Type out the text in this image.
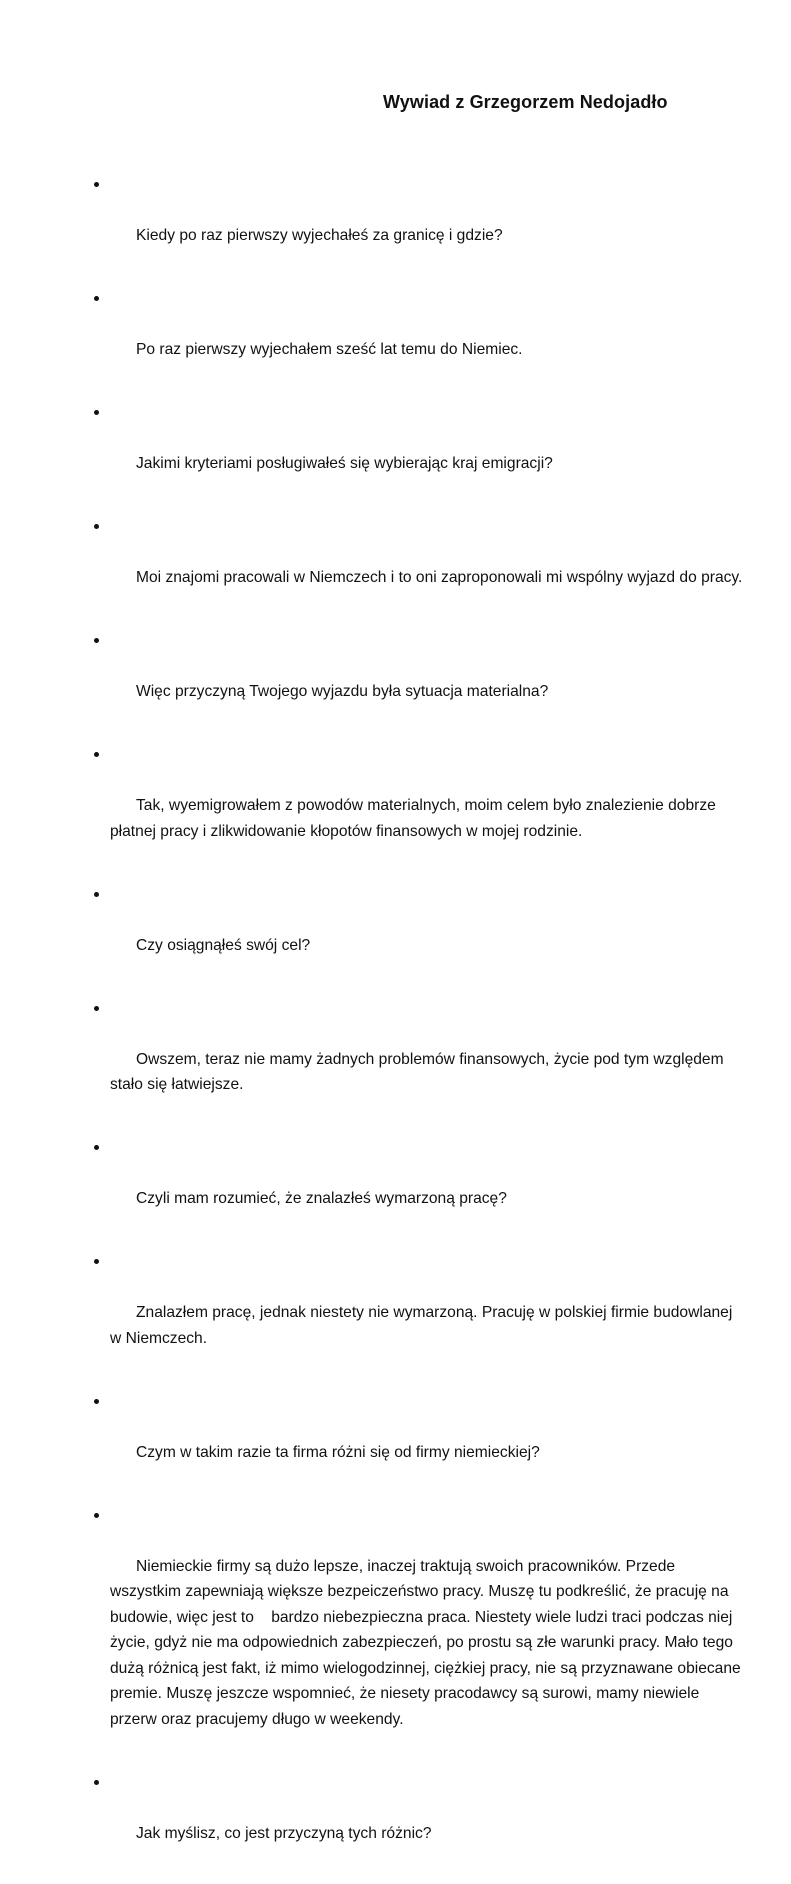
Wywiad z Grzegorzem Nedojadło

Kiedy po raz pierwszy wyjechałeś za granicę i gdzie?

Po raz pierwszy wyjechałem sześć lat temu do Niemiec.

Jakimi kryteriami posługiwałeś się wybierając kraj emigracji?

Moi znajomi pracowali w Niemczech i to oni zaproponowali mi wspólny wyjazd do pracy.

Więc przyczyną Twojego wyjazdu była sytuacja materialna?

Tak, wyemigrowałem z powodów materialnych, moim celem było znalezienie dobrze płatnej pracy i zlikwidowanie kłopotów finansowych w mojej rodzinie.

Czy osiągnąłeś swój cel?

Owszem, teraz nie mamy żadnych problemów finansowych, życie pod tym względem stało się łatwiejsze.

Czyli mam rozumieć, że znalazłeś wymarzoną pracę?

Znalazłem pracę, jednak niestety nie wymarzoną. Pracuję w polskiej firmie budowlanej w Niemczech.

Czym w takim razie ta firma różni się od firmy niemieckiej?

Niemieckie firmy są dużo lepsze, inaczej traktują swoich pracowników. Przede wszystkim zapewniają większe bezpeiczeństwo pracy. Muszę tu podkreślić, że pracuję na budowie, więc jest to    bardzo niebezpieczna praca. Niestety wiele ludzi traci podczas niej życie, gdyż nie ma odpowiednich zabezpieczeń, po prostu są złe warunki pracy. Mało tego dużą różnicą jest fakt, iż mimo wielogodzinnej, ciężkiej pracy, nie są przyznawane obiecane premie. Muszę jeszcze wspomnieć, że niesety pracodawcy są surowi, mamy niewiele    przerw oraz pracujemy długo w weekendy.

Jak myślisz, co jest przyczyną tych różnic?
